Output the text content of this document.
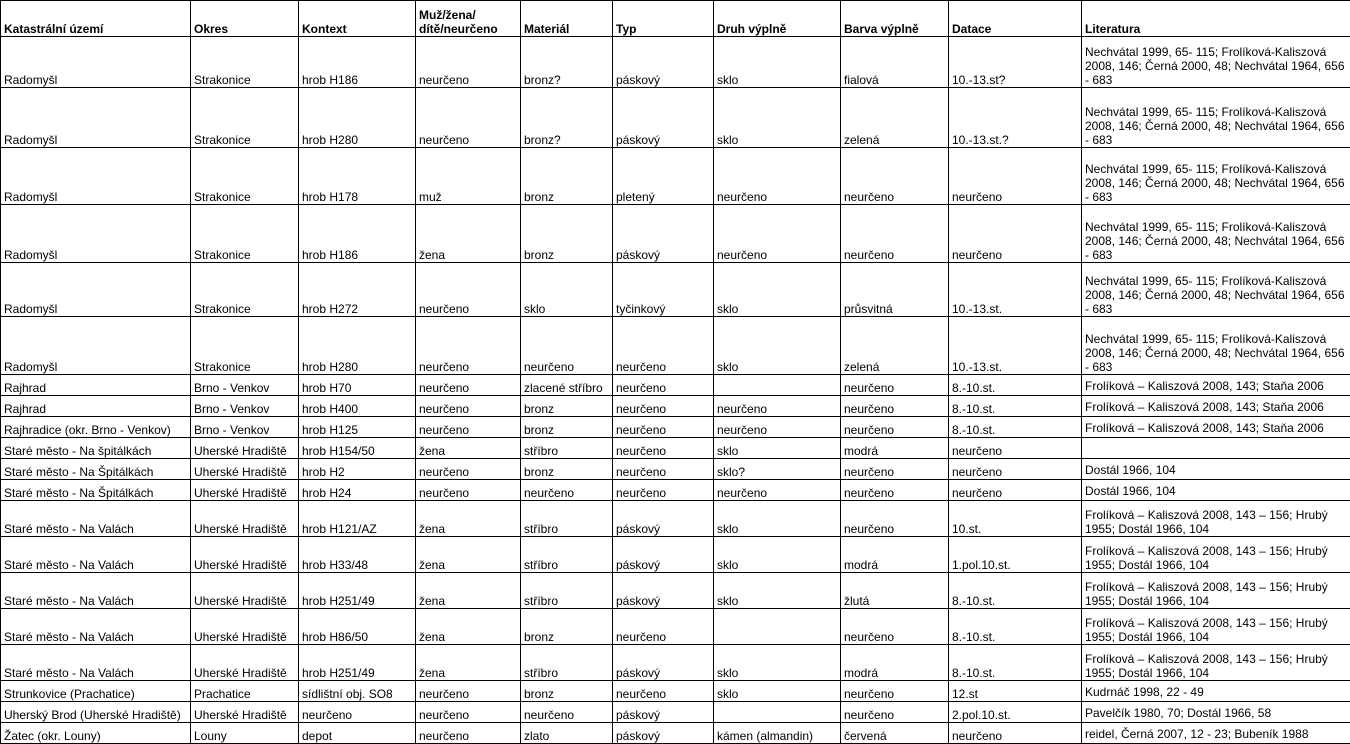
Katastrální území	Okres	Kontext	Muž/žena/ dítě/neurčeno	Materiál	Typ	Druh výplně	Barva výplně	Datace	Literatura
Radomyšl	Strakonice	hrob H186	neurčeno	bronz?	páskový	sklo	fialová	10.-13.st?	Nechvátal 1999, 65- 115; Frolíková-Kaliszová 2008, 146; Černá 2000, 48; Nechvátal 1964, 656 - 683
Radomyšl	Strakonice	hrob H280	neurčeno	bronz?	páskový	sklo	zelená	10.-13.st.?	Nechvátal 1999, 65- 115; Frolíková-Kaliszová 2008, 146; Černá 2000, 48; Nechvátal 1964, 656 - 683
Radomyšl	Strakonice	hrob H178	muž	bronz	pletený	neurčeno	neurčeno	neurčeno	Nechvátal 1999, 65- 115; Frolíková-Kaliszová 2008, 146; Černá 2000, 48; Nechvátal 1964, 656 - 683
Radomyšl	Strakonice	hrob H186	žena	bronz	páskový	neurčeno	neurčeno	neurčeno	Nechvátal 1999, 65- 115; Frolíková-Kaliszová 2008, 146; Černá 2000, 48; Nechvátal 1964, 656 - 683
Radomyšl	Strakonice	hrob H272	neurčeno	sklo	tyčinkový	sklo	průsvitná	10.-13.st.	Nechvátal 1999, 65- 115; Frolíková-Kaliszová 2008, 146; Černá 2000, 48; Nechvátal 1964, 656 - 683
Radomyšl	Strakonice	hrob H280	neurčeno	neurčeno	neurčeno	sklo	zelená	10.-13.st.	Nechvátal 1999, 65- 115; Frolíková-Kaliszová 2008, 146; Černá 2000, 48; Nechvátal 1964, 656 - 683
Rajhrad	Brno - Venkov	hrob H70	neurčeno	zlacené stříbro	neurčeno		neurčeno	8.-10.st.	Frolíková – Kaliszová 2008, 143; Staňa 2006
Rajhrad	Brno - Venkov	hrob H400	neurčeno	bronz	neurčeno	neurčeno	neurčeno	8.-10.st.	Frolíková – Kaliszová 2008, 143; Staňa 2006
Rajhradice (okr. Brno - Venkov)	Brno - Venkov	hrob H125	neurčeno	bronz	neurčeno	neurčeno	neurčeno	8.-10.st.	Frolíková – Kaliszová 2008, 143; Staňa 2006
Staré město - Na špitálkách	Uherské Hradiště	hrob H154/50	žena	stříbro	neurčeno	sklo	modrá	neurčeno	
Staré město - Na Špitálkách	Uherské Hradiště	hrob H2	neurčeno	bronz	neurčeno	sklo?	neurčeno	neurčeno	Dostál 1966, 104
Staré město - Na Špitálkách	Uherské Hradiště	hrob H24	neurčeno	neurčeno	neurčeno	neurčeno	neurčeno	neurčeno	Dostál 1966, 104
Staré město - Na Valách	Uherské Hradiště	hrob H121/AZ	žena	stříbro	páskový	sklo	neurčeno	10.st.	Frolíková – Kaliszová 2008, 143 – 156; Hrubý 1955; Dostál 1966, 104
Staré město - Na Valách	Uherské Hradiště	hrob H33/48	žena	stříbro	páskový	sklo	modrá	1.pol.10.st.	Frolíková – Kaliszová 2008, 143 – 156; Hrubý 1955; Dostál 1966, 104
Staré město - Na Valách	Uherské Hradiště	hrob H251/49	žena	stříbro	páskový	sklo	žlutá	8.-10.st.	Frolíková – Kaliszová 2008, 143 – 156; Hrubý 1955; Dostál 1966, 104
Staré město - Na Valách	Uherské Hradiště	hrob H86/50	žena	bronz	neurčeno		neurčeno	8.-10.st.	Frolíková – Kaliszová 2008, 143 – 156; Hrubý 1955; Dostál 1966, 104
Staré město - Na Valách	Uherské Hradiště	hrob H251/49	žena	stříbro	páskový	sklo	modrá	8.-10.st.	Frolíková – Kaliszová 2008, 143 – 156; Hrubý 1955; Dostál 1966, 104
Strunkovice (Prachatice)	Prachatice	sídlištní obj. SO8	neurčeno	bronz	neurčeno	sklo	neurčeno	12.st	Kudrnáč 1998, 22 - 49
Uherský Brod (Uherské Hradiště)	Uherské Hradiště	neurčeno	neurčeno	neurčeno	páskový		neurčeno	2.pol.10.st.	Pavelčík 1980, 70; Dostál 1966, 58
Žatec (okr. Louny)	Louny	depot	neurčeno	zlato	páskový	kámen (almandin)	červená	neurčeno	reidel, Černá 2007, 12 - 23; Bubeník 1988
